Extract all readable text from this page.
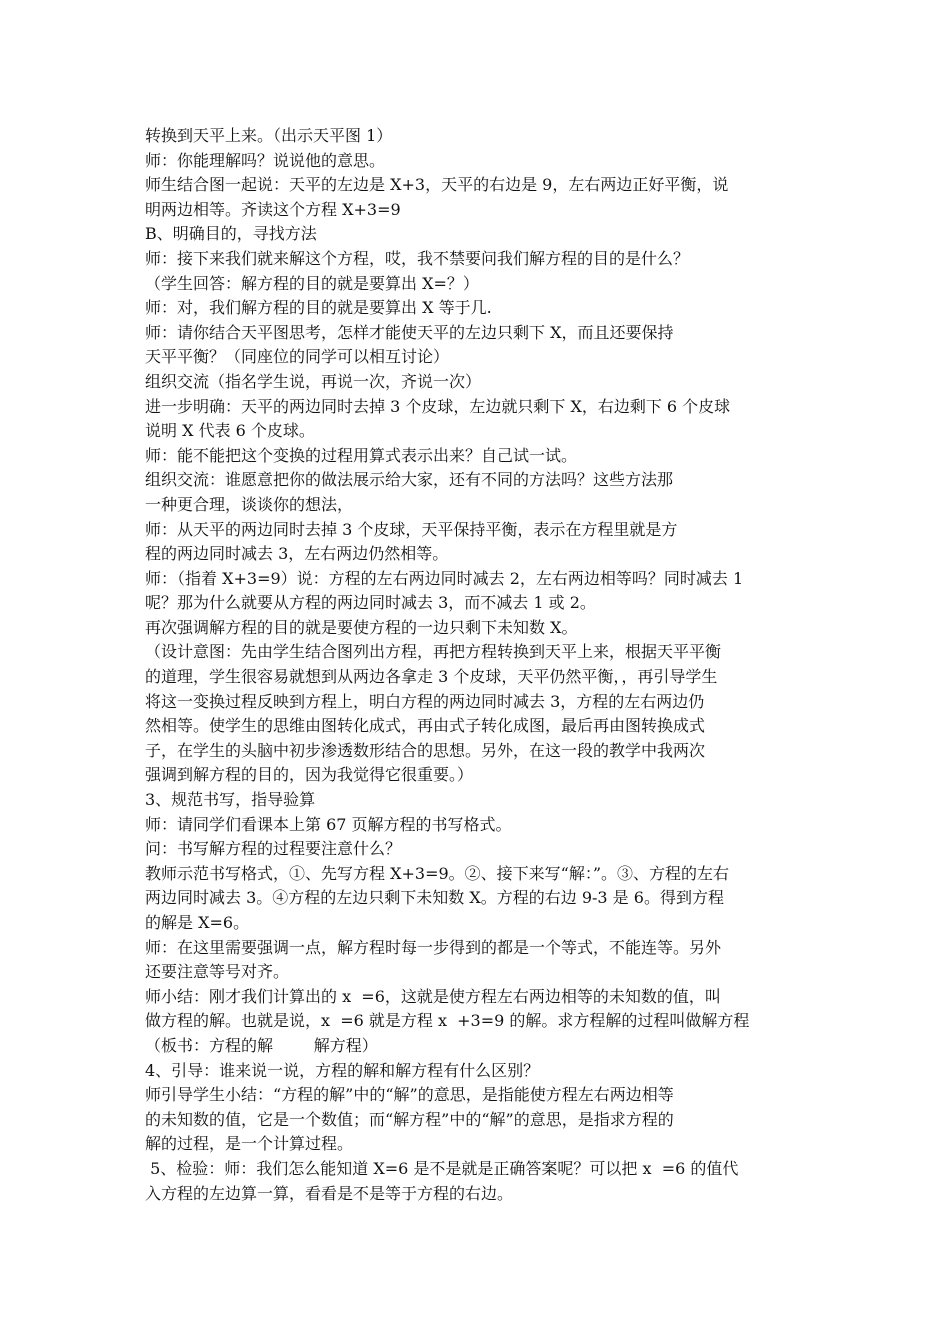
转换到天平上来。（出示天平图 1）
师：你能理解吗？说说他的意思。
师生结合图一起说：天平的左边是 X+3，天平的右边是 9，左右两边正好平衡，说
明两边相等。齐读这个方程 X+3=9
B、明确目的，寻找方法
师：接下来我们就来解这个方程，哎，我不禁要问我们解方程的目的是什么？
（学生回答：解方程的目的就是要算出 X=？）
师：对，我们解方程的目的就是要算出 X 等于几.
师：请你结合天平图思考，怎样才能使天平的左边只剩下 X，而且还要保持
天平平衡？（同座位的同学可以相互讨论）
组织交流（指名学生说，再说一次，齐说一次）
进一步明确：天平的两边同时去掉 3 个皮球，左边就只剩下 X，右边剩下 6 个皮球
说明 X 代表 6 个皮球。
师：能不能把这个变换的过程用算式表示出来？自己试一试。
组织交流：谁愿意把你的做法展示给大家，还有不同的方法吗？这些方法那
一种更合理，谈谈你的想法，
师：从天平的两边同时去掉 3 个皮球，天平保持平衡，表示在方程里就是方
程的两边同时减去 3，左右两边仍然相等。
师：（指着 X+3=9）说：方程的左右两边同时减去 2，左右两边相等吗？同时减去 1
呢？那为什么就要从方程的两边同时减去 3，而不减去 1 或 2。
再次强调解方程的目的就是要使方程的一边只剩下未知数 X。
（设计意图：先由学生结合图列出方程，再把方程转换到天平上来，根据天平平衡
的道理，学生很容易就想到从两边各拿走 3 个皮球，天平仍然平衡，，再引导学生
将这一变换过程反映到方程上，明白方程的两边同时减去 3，方程的左右两边仍
然相等。使学生的思维由图转化成式，再由式子转化成图，最后再由图转换成式
子，在学生的头脑中初步渗透数形结合的思想。另外，在这一段的教学中我两次
强调到解方程的目的，因为我觉得它很重要。）
3、规范书写，指导验算
师：请同学们看课本上第 67 页解方程的书写格式。
问：书写解方程的过程要注意什么？
教师示范书写格式，①、先写方程 X+3=9。②、接下来写“解：”。③、方程的左右
两边同时减去 3。④方程的左边只剩下未知数 X。方程的右边 9-3 是 6。得到方程
的解是 X=6。
师：在这里需要强调一点，解方程时每一步得到的都是一个等式，不能连等。另外
还要注意等号对齐。
师小结：刚才我们计算出的 x  =6，这就是使方程左右两边相等的未知数的值，叫
做方程的解。也就是说，x  =6 就是方程 x  +3=9 的解。求方程解的过程叫做解方程
（板书：方程的解        解方程）
4、引导：谁来说一说，方程的解和解方程有什么区别？
师引导学生小结：“方程的解”中的“解”的意思，是指能使方程左右两边相等
的未知数的值，它是一个数值；而“解方程”中的“解”的意思，是指求方程的
解的过程，是一个计算过程。
5、检验：师：我们怎么能知道 X=6 是不是就是正确答案呢？可以把 x  =6 的值代
入方程的左边算一算，看看是不是等于方程的右边。
